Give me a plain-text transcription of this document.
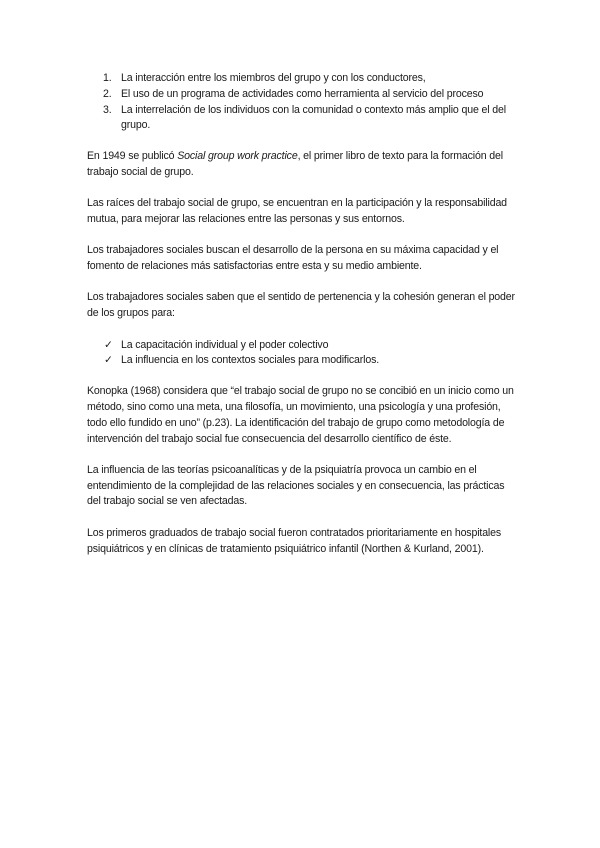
1. La interacción entre los miembros del grupo y con los conductores,
2. El uso de un programa de actividades como herramienta al servicio del proceso
3. La interrelación de los individuos con la comunidad o contexto más amplio que el del grupo.

En 1949 se publicó Social group work practice, el primer libro de texto para la formación del trabajo social de grupo.

Las raíces del trabajo social de grupo, se encuentran en la participación y la responsabilidad mutua, para mejorar las relaciones entre las personas y sus entornos.

Los trabajadores sociales buscan el desarrollo de la persona en su máxima capacidad y el fomento de relaciones más satisfactorias entre esta y su medio ambiente.

Los trabajadores sociales saben que el sentido de pertenencia y la cohesión generan el poder de los grupos para:

✓ La capacitación individual y el poder colectivo
✓ La influencia en los contextos sociales para modificarlos.

Konopka (1968) considera que “el trabajo social de grupo no se concibió en un inicio como un método, sino como una meta, una filosofía, un movimiento, una psicología y una profesión, todo ello fundido en uno” (p.23). La identificación del trabajo de grupo como metodología de intervención del trabajo social fue consecuencia del desarrollo científico de éste.

La influencia de las teorías psicoanalíticas y de la psiquiatría provoca un cambio en el entendimiento de la complejidad de las relaciones sociales y en consecuencia, las prácticas del trabajo social se ven afectadas.

Los primeros graduados de trabajo social fueron contratados prioritariamente en hospitales psiquiátricos y en clínicas de tratamiento psiquiátrico infantil (Northen & Kurland, 2001).
